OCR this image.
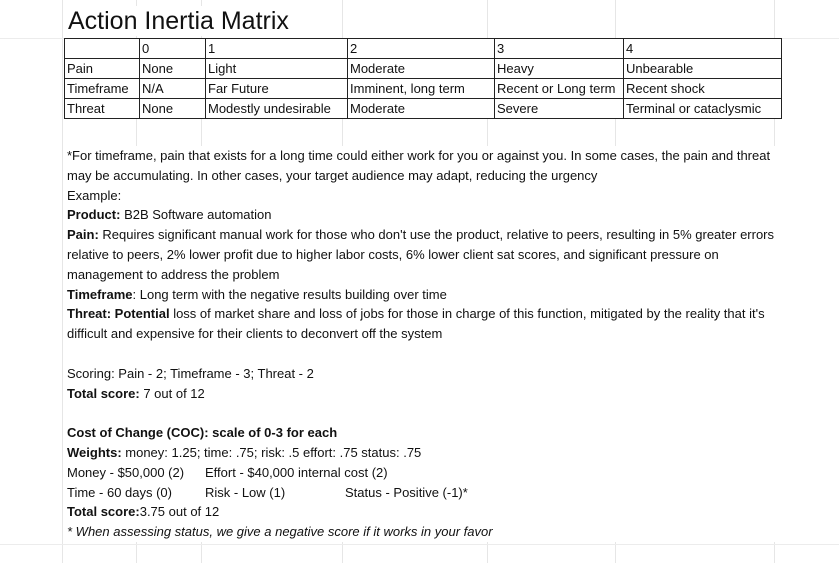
Action Inertia Matrix
	0	1	2	3	4
Pain	None	Light	Moderate	Heavy	Unbearable
Timeframe	N/A	Far Future	Imminent, long term	Recent or Long term	Recent shock
Threat	None	Modestly undesirable	Moderate	Severe	Terminal or cataclysmic
*For timeframe, pain that exists for a long time could either work for you or against you. In some cases, the pain and threat may be accumulating. In other cases, your target audience may adapt, reducing the urgency
Example:
Product: B2B Software automation
Pain: Requires significant manual work for those who don't use the product, relative to peers, resulting in 5% greater errors relative to peers, 2% lower profit due to higher labor costs, 6% lower client sat scores, and significant pressure on management to address the problem
Timeframe: Long term with the negative results building over time
Threat: Potential loss of market share and loss of jobs for those in charge of this function, mitigated by the reality that it's difficult and expensive for their clients to deconvert off the system
Scoring: Pain - 2; Timeframe - 3; Threat - 2
Total score: 7 out of 12
Cost of Change (COC): scale of 0-3 for each
Weights: money: 1.25; time: .75; risk: .5 effort: .75 status: .75
Money - $50,000 (2) Effort - $40,000 internal cost (2)
Time - 60 days (0)	Risk - Low (1)	Status - Positive (-1)*
Total score:3.75 out of 12
* When assessing status, we give a negative score if it works in your favor
